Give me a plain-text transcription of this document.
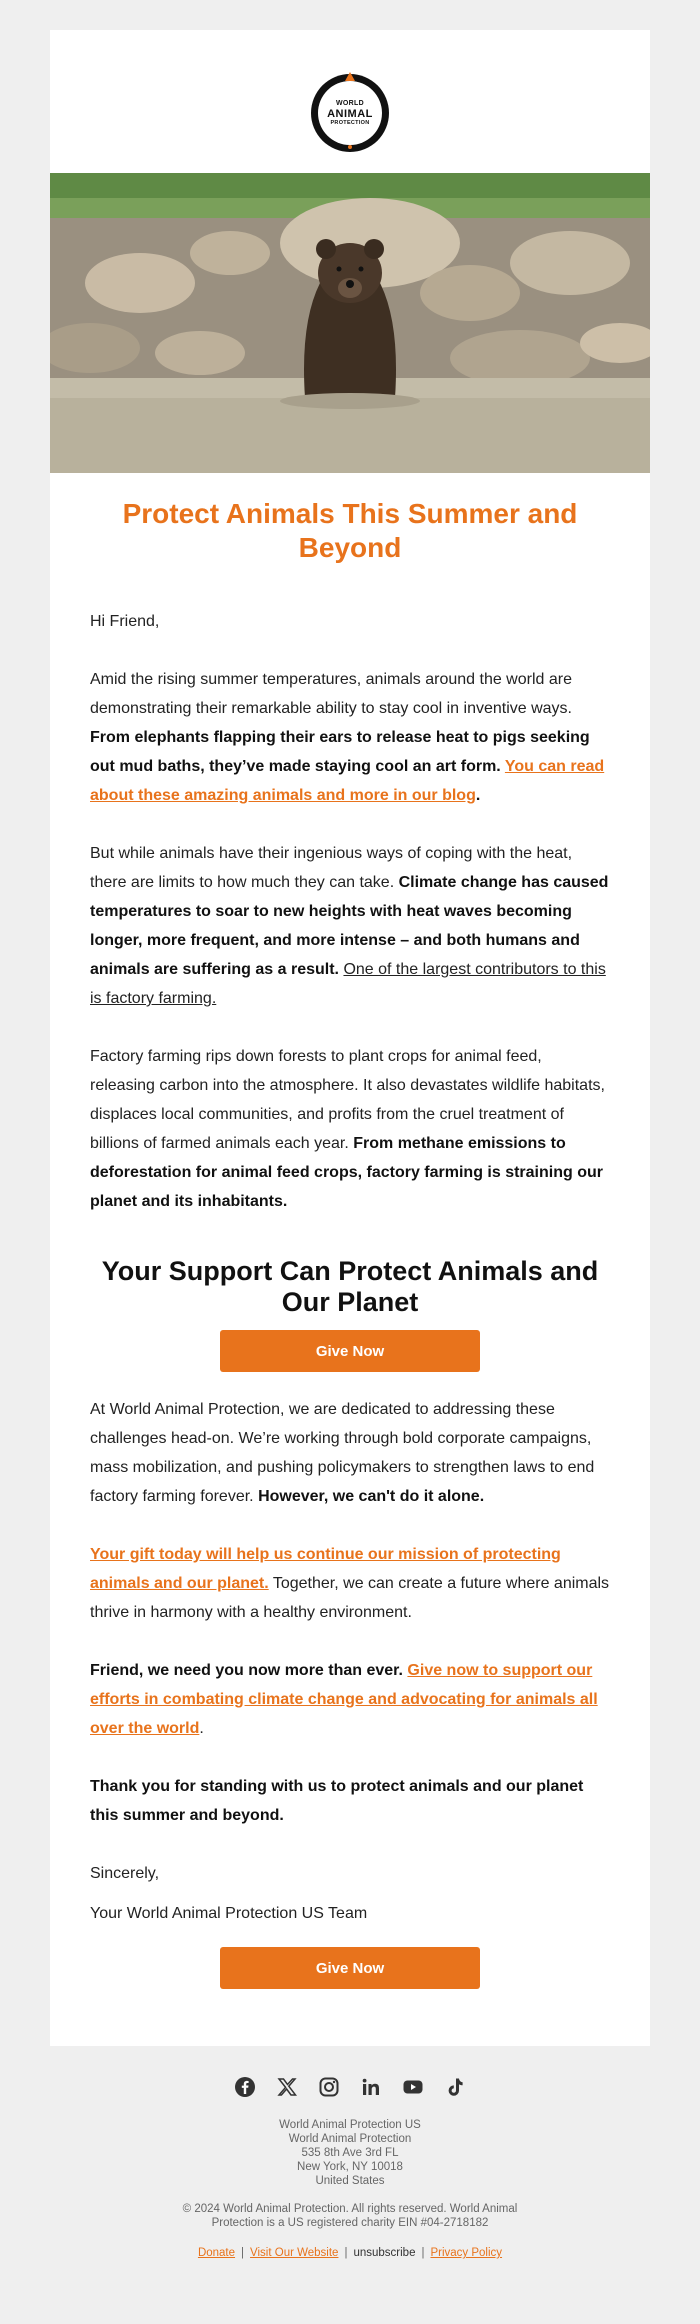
WORLD
ANIMAL
PROTECTION
Protect Animals This Summer and Beyond

Hi Friend,

Amid the rising summer temperatures, animals around the world are demonstrating their remarkable ability to stay cool in inventive ways. From elephants flapping their ears to release heat to pigs seeking out mud baths, they’ve made staying cool an art form. You can read about these amazing animals and more in our blog.

But while animals have their ingenious ways of coping with the heat, there are limits to how much they can take. Climate change has caused temperatures to soar to new heights with heat waves becoming longer, more frequent, and more intense – and both humans and animals are suffering as a result. One of the largest contributors to this is factory farming.

Factory farming rips down forests to plant crops for animal feed, releasing carbon into the atmosphere. It also devastates wildlife habitats, displaces local communities, and profits from the cruel treatment of billions of farmed animals each year. From methane emissions to deforestation for animal feed crops, factory farming is straining our planet and its inhabitants.

Your Support Can Protect Animals and Our Planet
Give Now

At World Animal Protection, we are dedicated to addressing these challenges head-on. We’re working through bold corporate campaigns, mass mobilization, and pushing policymakers to strengthen laws to end factory farming forever. However, we can't do it alone.

Your gift today will help us continue our mission of protecting animals and our planet. Together, we can create a future where animals thrive in harmony with a healthy environment.

Friend, we need you now more than ever. Give now to support our efforts in combating climate change and advocating for animals all over the world.

Thank you for standing with us to protect animals and our planet this summer and beyond.

Sincerely,

Your World Animal Protection US Team

Give Now
World Animal Protection US
World Animal Protection
535 8th Ave 3rd FL
New York, NY 10018
United States
© 2024 World Animal Protection. All rights reserved. World Animal Protection is a US registered charity EIN #04-2718182
Donate | Visit Our Website | unsubscribe | Privacy Policy
